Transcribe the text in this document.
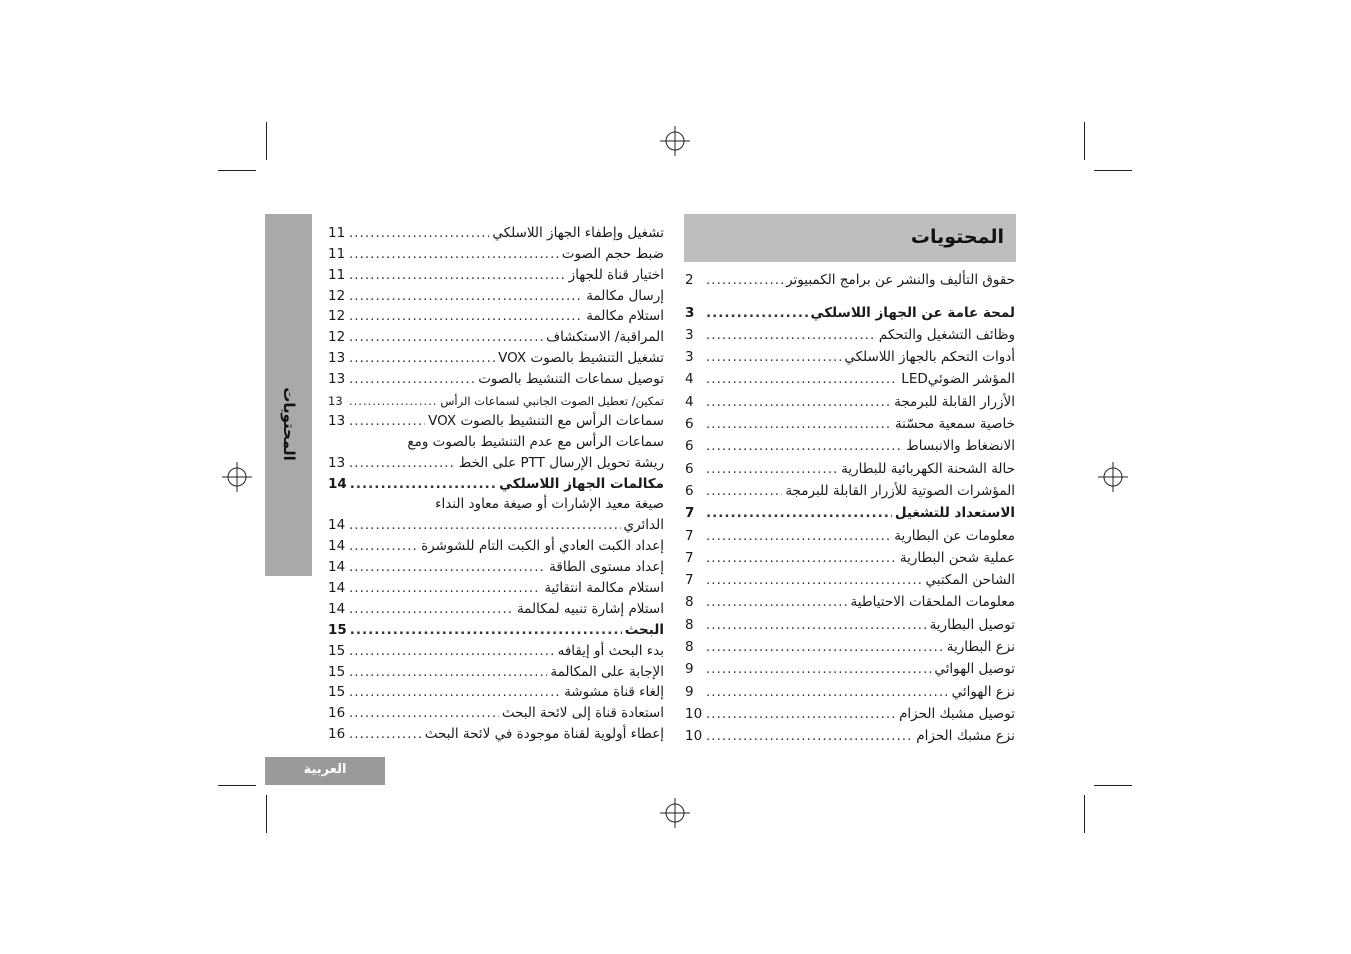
المحتويات
المحتويات
العربية
حقوق التأليف والنشر عن برامج الكمبيوتر
.....
2
لمحة عامة عن الجهاز اللاسلكي
.....
3
وظائف التشغيل والتحكم
.....
3
أدوات التحكم بالجهاز اللاسلكي
.....
3
المؤشر الضوئيLED
.....
4
الأزرار القابلة للبرمجة
.....
4
خاصية سمعية محسّنة
.....
6
الانضغاط والانبساط
.....
6
حالة الشحنة الكهربائية للبطارية
.....
6
المؤشرات الصوتية للأزرار القابلة للبرمجة
.....
6
الاستعداد للتشغيل
.....
7
معلومات عن البطارية
.....
7
عملية شحن البطارية
.....
7
الشاحن المكتبي
.....
7
معلومات الملحقات الاحتياطية
.....
8
توصيل البطارية
.....
8
نزع البطارية
.....
8
توصيل الهوائي
.....
9
نزع الهوائي
.....
9
توصيل مشبك الحزام
.....
10
نزع مشبك الحزام
.....
10
تشغيل وإطفاء الجهاز اللاسلكي
.....
11
ضبط حجم الصوت
.....
11
اختيار قناة للجهاز
.....
11
إرسال مكالمة
.....
12
استلام مكالمة
.....
12
المراقبة/ الاستكشاف
.....
12
تشغيل التنشيط بالصوت VOX
.....
13
توصيل سماعات التنشيط بالصوت
.....
13
تمكين/ تعطيل الصوت الجانبي لسماعات الرأس
.....
13
سماعات الرأس مع التنشيط بالصوت VOX
.....
13
سماعات الرأس مع عدم التنشيط بالصوت ومع
ريشة تحويل الإرسال PTT على الخط
.....
13
مكالمات الجهاز اللاسلكي
.....
14
صيغة معيد الإشارات أو صيغة معاود النداء
الدائري
.....
14
إعداد الكبت العادي أو الكبت التام للشوشرة
.....
14
إعداد مستوى الطاقة
.....
14
استلام مكالمة انتقائية
.....
14
استلام إشارة تنبيه لمكالمة
.....
14
البحث
.....
15
بدء البحث أو إيقافه
.....
15
الإجابة على المكالمة
.....
15
إلغاء قناة مشوشة
.....
15
استعادة قناة إلى لائحة البحث
.....
16
إعطاء أولوية لقناة موجودة في لائحة البحث
.....
16
